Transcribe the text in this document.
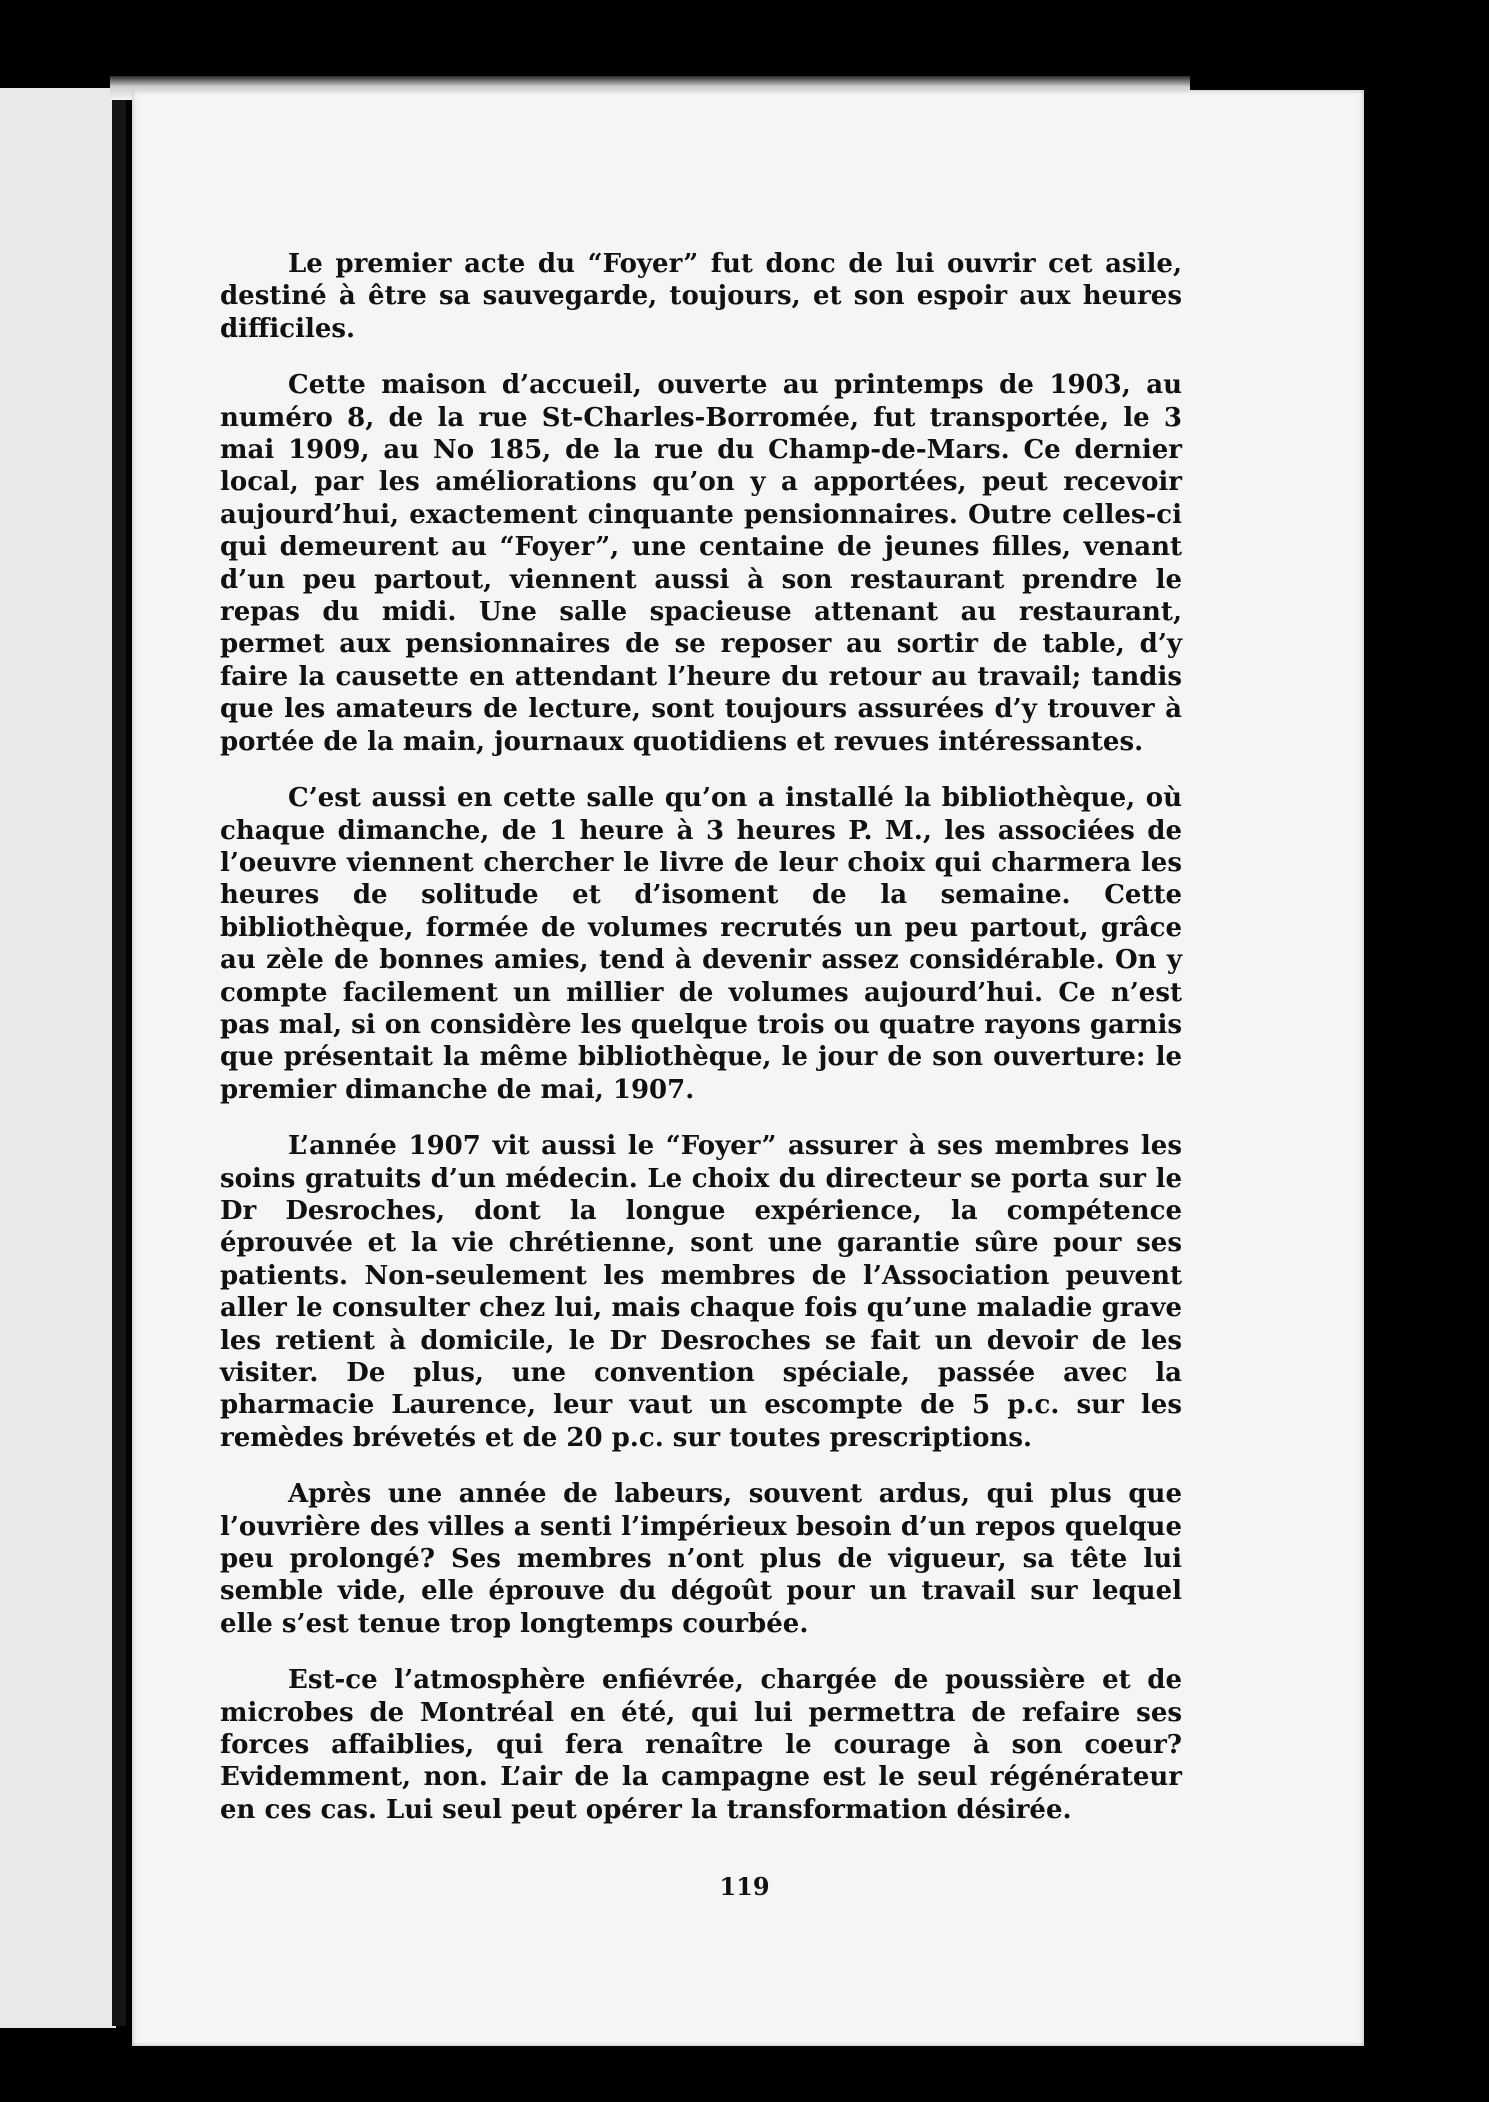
Le premier acte du “Foyer” fut donc de lui ouvrir cet asile, destiné à être sa sauvegarde, toujours, et son espoir aux heures difficiles.

Cette maison d’accueil, ouverte au printemps de 1903, au numéro 8, de la rue St-Charles-Borromée, fut transportée, le 3 mai 1909, au No 185, de la rue du Champ-de-Mars. Ce dernier local, par les améliorations qu’on y a apportées, peut recevoir aujourd’hui, exactement cinquante pensionnaires. Outre celles-ci qui demeurent au “Foyer”, une centaine de jeunes filles, venant d’un peu partout, viennent aussi à son restaurant prendre le repas du midi. Une salle spacieuse attenant au restaurant, permet aux pensionnaires de se reposer au sortir de table, d’y faire la causette en attendant l’heure du retour au travail; tandis que les amateurs de lecture, sont toujours assurées d’y trouver à portée de la main, journaux quotidiens et revues intéressantes.

C’est aussi en cette salle qu’on a installé la bibliothèque, où chaque dimanche, de 1 heure à 3 heures P. M., les associées de l’oeuvre viennent chercher le livre de leur choix qui charmera les heures de solitude et d’isoment de la semaine. Cette bibliothèque, formée de volumes recrutés un peu partout, grâce au zèle de bonnes amies, tend à devenir assez considérable. On y compte facilement un millier de volumes aujourd’hui. Ce n’est pas mal, si on considère les quelque trois ou quatre rayons garnis que présentait la même bibliothèque, le jour de son ouverture: le premier dimanche de mai, 1907.

L’année 1907 vit aussi le “Foyer” assurer à ses membres les soins gratuits d’un médecin. Le choix du directeur se porta sur le Dr Desroches, dont la longue expérience, la compétence éprouvée et la vie chrétienne, sont une garantie sûre pour ses patients. Non-seulement les membres de l’Association peuvent aller le consulter chez lui, mais chaque fois qu’une maladie grave les retient à domicile, le Dr Desroches se fait un devoir de les visiter. De plus, une convention spéciale, passée avec la pharmacie Laurence, leur vaut un escompte de 5 p.c. sur les remèdes brévetés et de 20 p.c. sur toutes prescriptions.

Après une année de labeurs, souvent ardus, qui plus que l’ouvrière des villes a senti l’impérieux besoin d’un repos quelque peu prolongé? Ses membres n’ont plus de vigueur, sa tête lui semble vide, elle éprouve du dégoût pour un travail sur lequel elle s’est tenue trop longtemps courbée.

Est-ce l’atmosphère enfiévrée, chargée de poussière et de microbes de Montréal en été, qui lui permettra de refaire ses forces affaiblies, qui fera renaître le courage à son coeur? Evidemment, non. L’air de la campagne est le seul régénérateur en ces cas. Lui seul peut opérer la transformation désirée.

119
